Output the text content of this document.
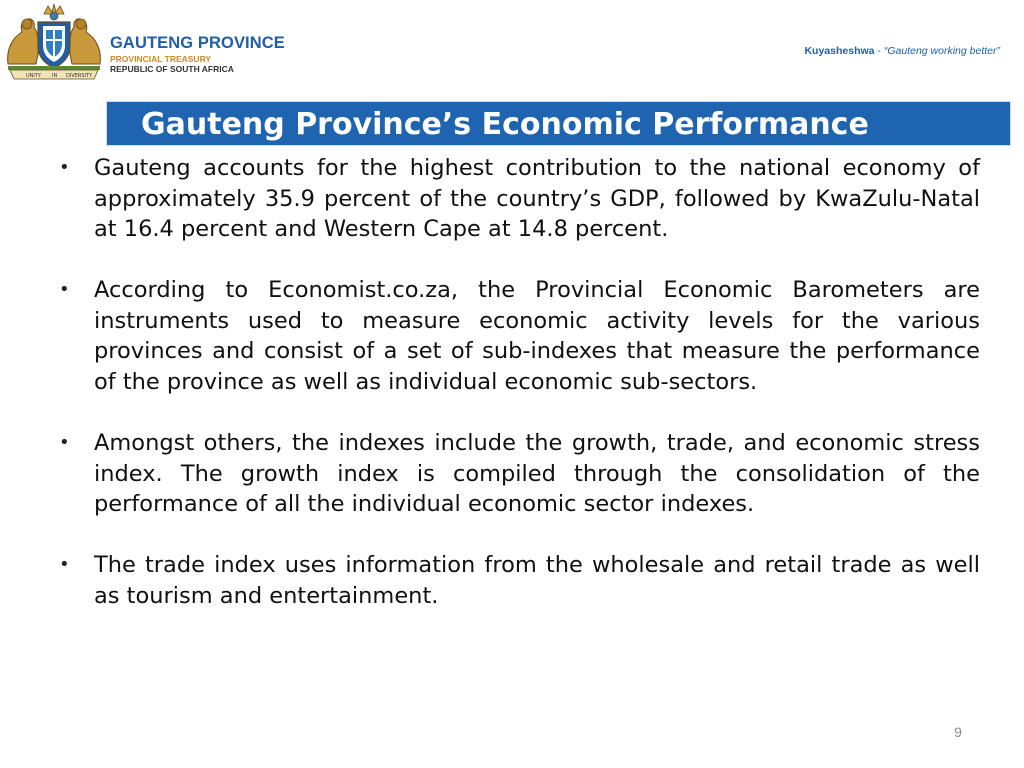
UNITY IN DIVERSITY
GAUTENG PROVINCE
PROVINCIAL TREASURY
REPUBLIC OF SOUTH AFRICA
Kuyasheshwa - “Gauteng working better”
Gauteng Province’s Economic Performance
• Gauteng accounts for the highest contribution to the national economy of approximately 35.9 percent of the country’s GDP, followed by KwaZulu-Natal at 16.4 percent and Western Cape at 14.8 percent.
• According to Economist.co.za, the Provincial Economic Barometers are instruments used to measure economic activity levels for the various provinces and consist of a set of sub-indexes that measure the performance of the province as well as individual economic sub-sectors.
• Amongst others, the indexes include the growth, trade, and economic stress index. The growth index is compiled through the consolidation of the performance of all the individual economic sector indexes.
• The trade index uses information from the wholesale and retail trade as well as tourism and entertainment.
9
